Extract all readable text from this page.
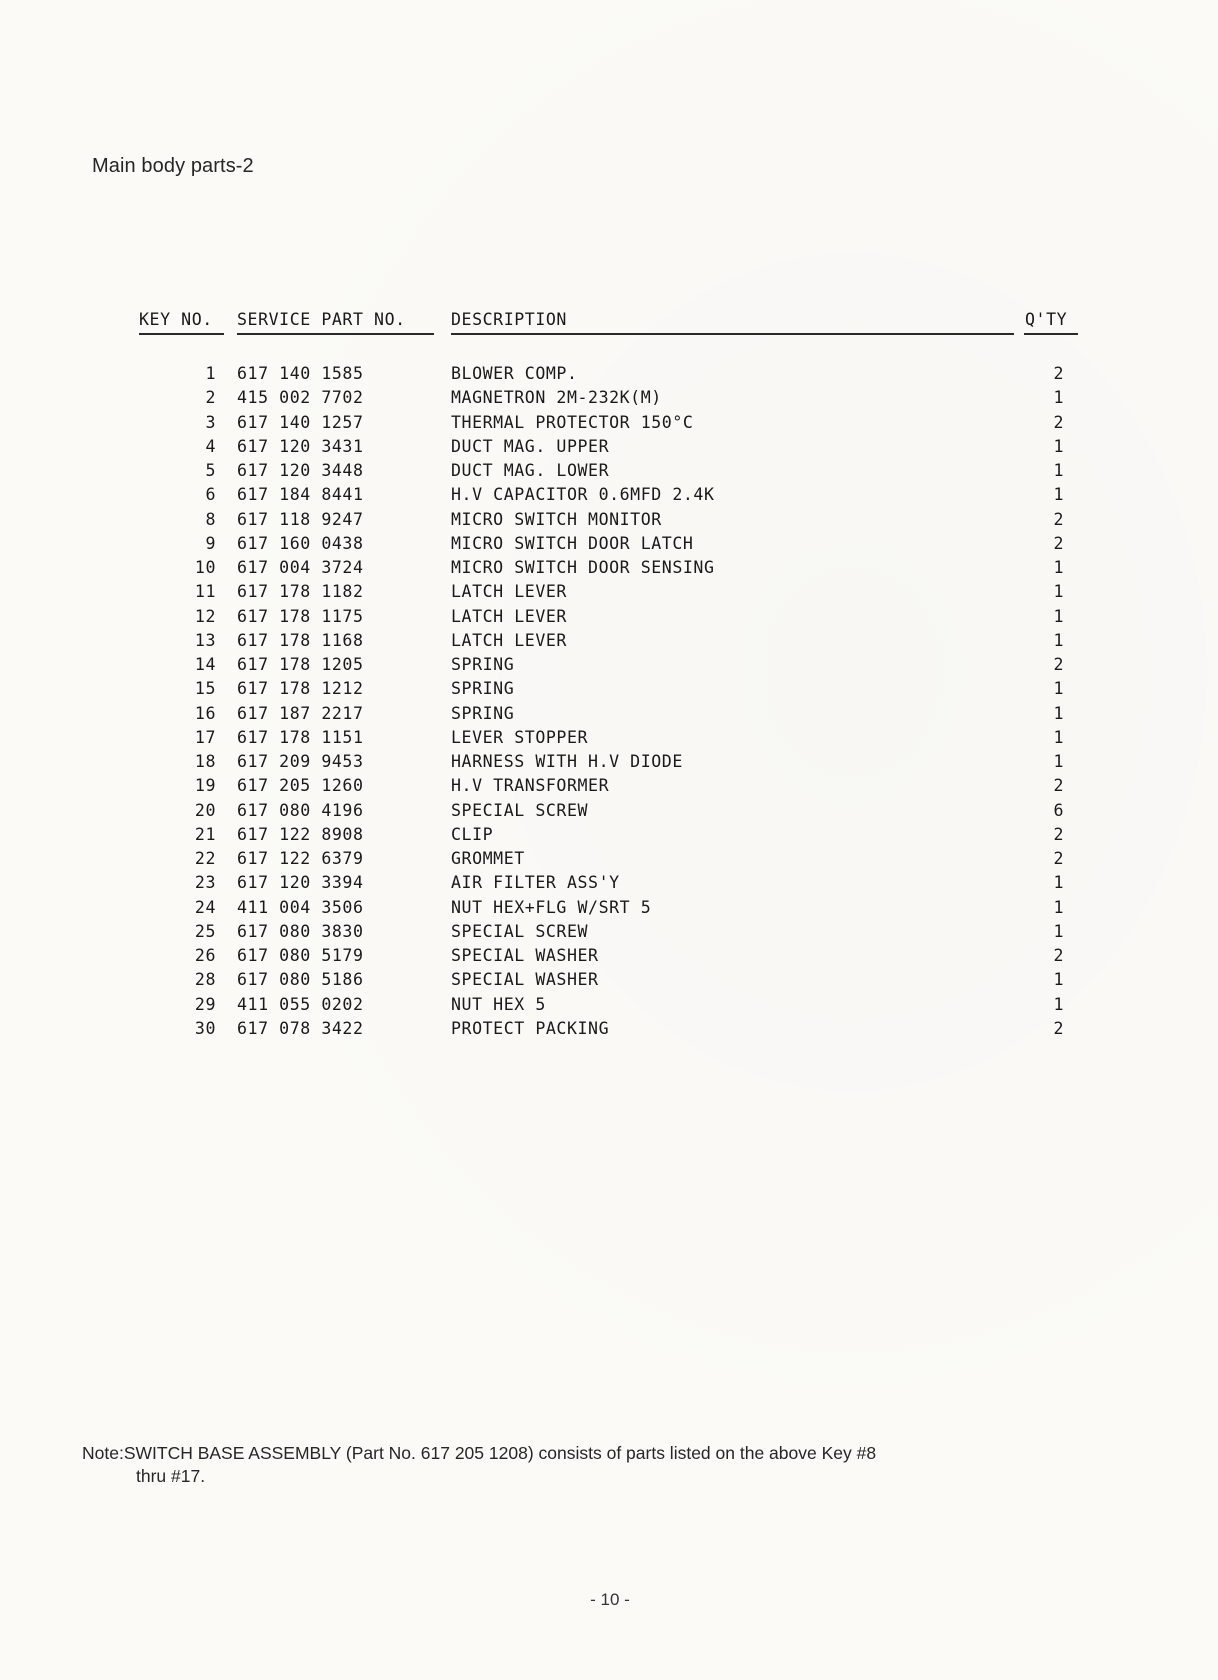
Main body parts-2
KEY NO. SERVICE PART NO.	DESCRIPTION	Q'TY
1 617 140 1585	BLOWER COMP.	2
2 415 002 7702	MAGNETRON 2M-232K(M)	1
3 617 140 1257	THERMAL PROTECTOR 150°C	2
4 617 120 3431	DUCT MAG. UPPER	1
5 617 120 3448	DUCT MAG. LOWER	1
6 617 184 8441	H.V CAPACITOR 0.6MFD 2.4K	1
8 617 118 9247	MICRO SWITCH MONITOR	2
9 617 160 0438	MICRO SWITCH DOOR LATCH	2
10 617 004 3724	MICRO SWITCH DOOR SENSING	1
11 617 178 1182	LATCH LEVER	1
12 617 178 1175	LATCH LEVER	1
13 617 178 1168	LATCH LEVER	1
14 617 178 1205	SPRING	2
15 617 178 1212	SPRING	1
16 617 187 2217	SPRING	1
17 617 178 1151	LEVER STOPPER	1
18 617 209 9453	HARNESS WITH H.V DIODE	1
19 617 205 1260	H.V TRANSFORMER	2
20 617 080 4196	SPECIAL SCREW	6
21 617 122 8908	CLIP	2
22 617 122 6379	GROMMET	2
23 617 120 3394	AIR FILTER ASS'Y	1
24 411 004 3506	NUT HEX+FLG W/SRT 5	1
25 617 080 3830	SPECIAL SCREW	1
26 617 080 5179	SPECIAL WASHER	2
28 617 080 5186	SPECIAL WASHER	1
29 411 055 0202	NUT HEX 5	1
30 617 078 3422	PROTECT PACKING	2
Note:SWITCH BASE ASSEMBLY (Part No. 617 205 1208) consists of parts listed on the above Key #8
thru #17.
- 10 -
